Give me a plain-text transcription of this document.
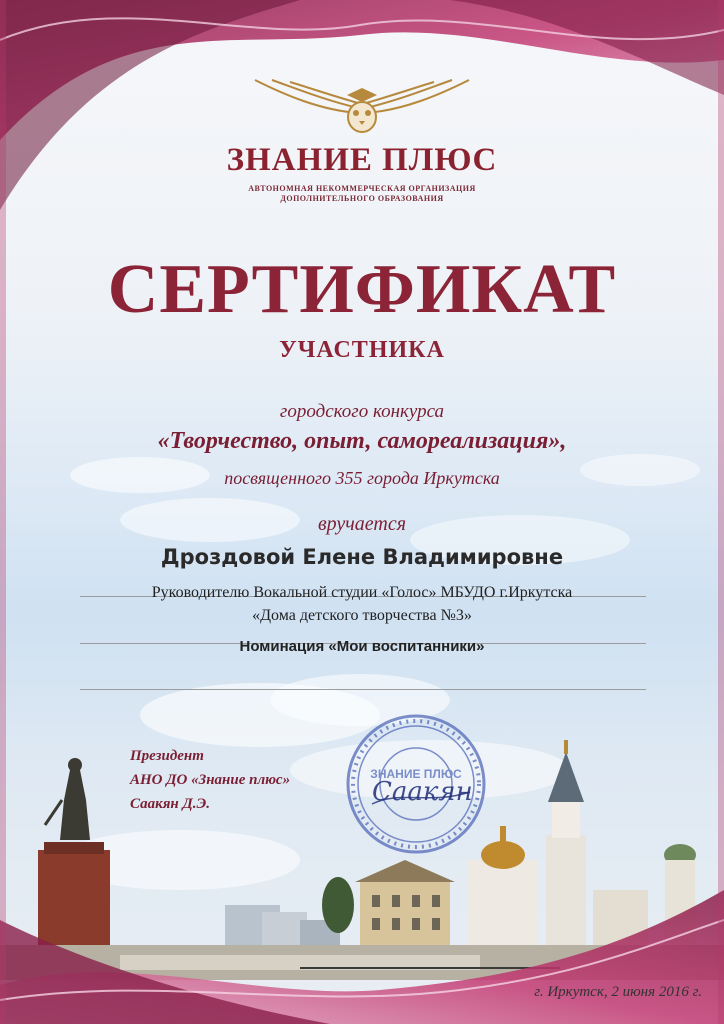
ЗНАНИЕ ПЛЮС

АВТОНОМНАЯ НЕКОММЕРЧЕСКАЯ ОРГАНИЗАЦИЯ
ДОПОЛНИТЕЛЬНОГО ОБРАЗОВАНИЯ

СЕРТИФИКАТ

УЧАСТНИКА

городского конкурса

«Творчество, опыт, самореализация»,

посвященного 355 города Иркутска

вручается

Дроздовой Елене Владимировне

Руководителю Вокальной студии «Голос» МБУДО г.Иркутска

«Дома детского творчества №3»

Номинация «Мои воспитанники»

Президент

АНО ДО «Знание плюс»

Саакян Д.Э.

ЗНАНИЕ ПЛЮС
Саакян

г. Иркутск, 2 июня 2016 г.
